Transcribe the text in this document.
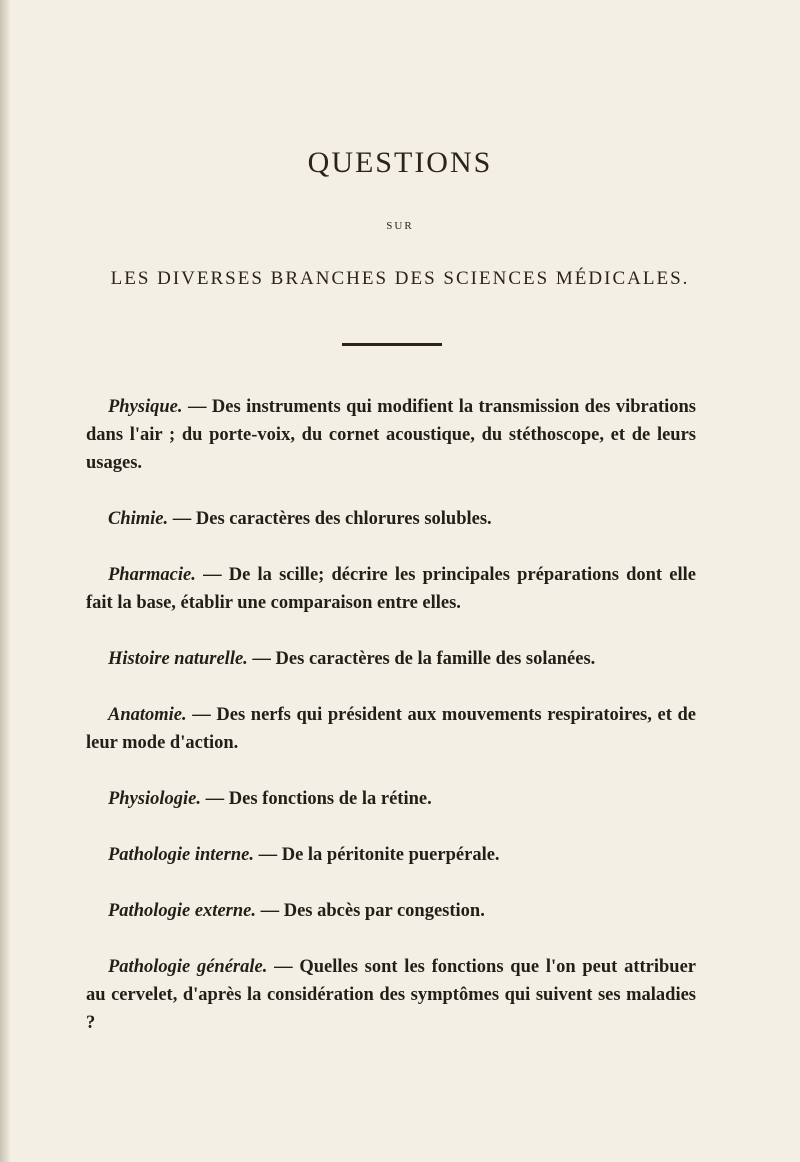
QUESTIONS
SUR
LES DIVERSES BRANCHES DES SCIENCES MÉDICALES.

Physique. — Des instruments qui modifient la transmission des vibrations dans l'air ; du porte-voix, du cornet acoustique, du stéthoscope, et de leurs usages.

Chimie. — Des caractères des chlorures solubles.

Pharmacie. — De la scille; décrire les principales préparations dont elle fait la base, établir une comparaison entre elles.

Histoire naturelle. — Des caractères de la famille des solanées.

Anatomie. — Des nerfs qui président aux mouvements respiratoires, et de leur mode d'action.

Physiologie. — Des fonctions de la rétine.

Pathologie interne. — De la péritonite puerpérale.

Pathologie externe. — Des abcès par congestion.

Pathologie générale. — Quelles sont les fonctions que l'on peut attribuer au cervelet, d'après la considération des symptômes qui suivent ses maladies ?
